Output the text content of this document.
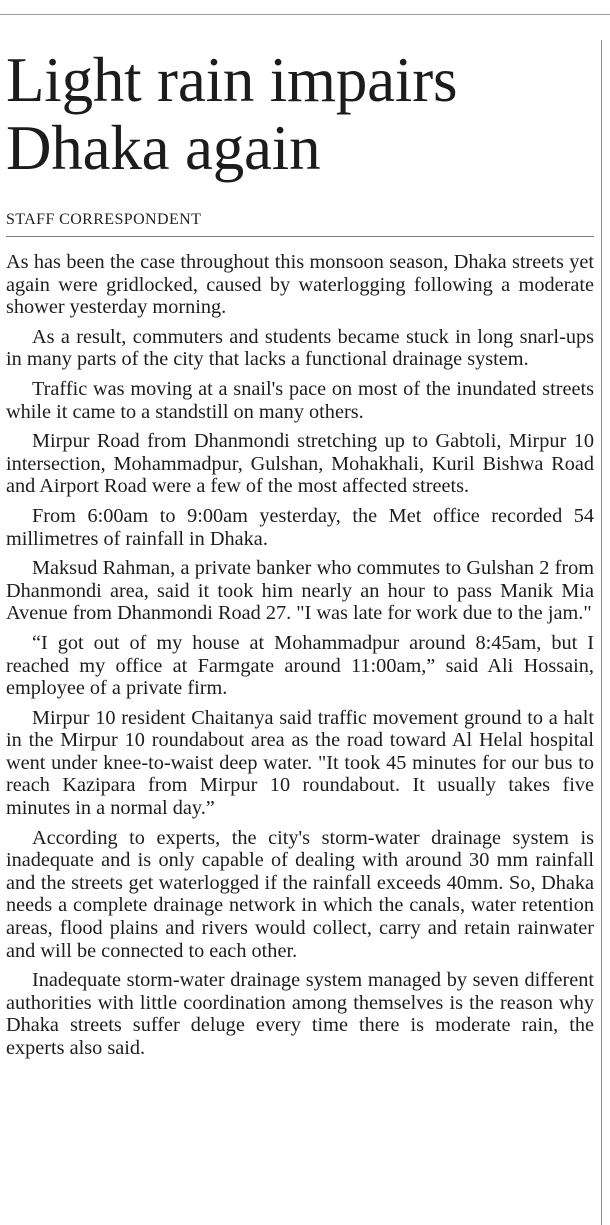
Light rain impairs Dhaka again
STAFF CORRESPONDENT

As has been the case throughout this monsoon season, Dhaka streets yet again were gridlocked, caused by waterlogging following a moderate shower yesterday morning.

As a result, commuters and students became stuck in long snarl-ups in many parts of the city that lacks a functional drainage system.

Traffic was moving at a snail's pace on most of the inundated streets while it came to a standstill on many others.

Mirpur Road from Dhanmondi stretching up to Gabtoli, Mirpur 10 intersection, Mohammadpur, Gulshan, Mohakhali, Kuril Bishwa Road and Airport Road were a few of the most affected streets.

From 6:00am to 9:00am yesterday, the Met office recorded 54 millimetres of rainfall in Dhaka.

Maksud Rahman, a private banker who commutes to Gulshan 2 from Dhanmondi area, said it took him nearly an hour to pass Manik Mia Avenue from Dhanmondi Road 27. "I was late for work due to the jam."

“I got out of my house at Mohammadpur around 8:45am, but I reached my office at Farmgate around 11:00am,” said Ali Hossain, employee of a private firm.

Mirpur 10 resident Chaitanya said traffic movement ground to a halt in the Mirpur 10 roundabout area as the road toward Al Helal hospital went under knee-to-waist deep water. "It took 45 minutes for our bus to reach Kazipara from Mirpur 10 roundabout. It usually takes five minutes in a normal day.”

According to experts, the city's storm-water drainage system is inadequate and is only capable of dealing with around 30 mm rainfall and the streets get waterlogged if the rainfall exceeds 40mm. So, Dhaka needs a complete drainage network in which the canals, water retention areas, flood plains and rivers would collect, carry and retain rainwater and will be connected to each other.

Inadequate storm-water drainage system managed by seven different authorities with little coordination among themselves is the reason why Dhaka streets suffer deluge every time there is moderate rain, the experts also said.
